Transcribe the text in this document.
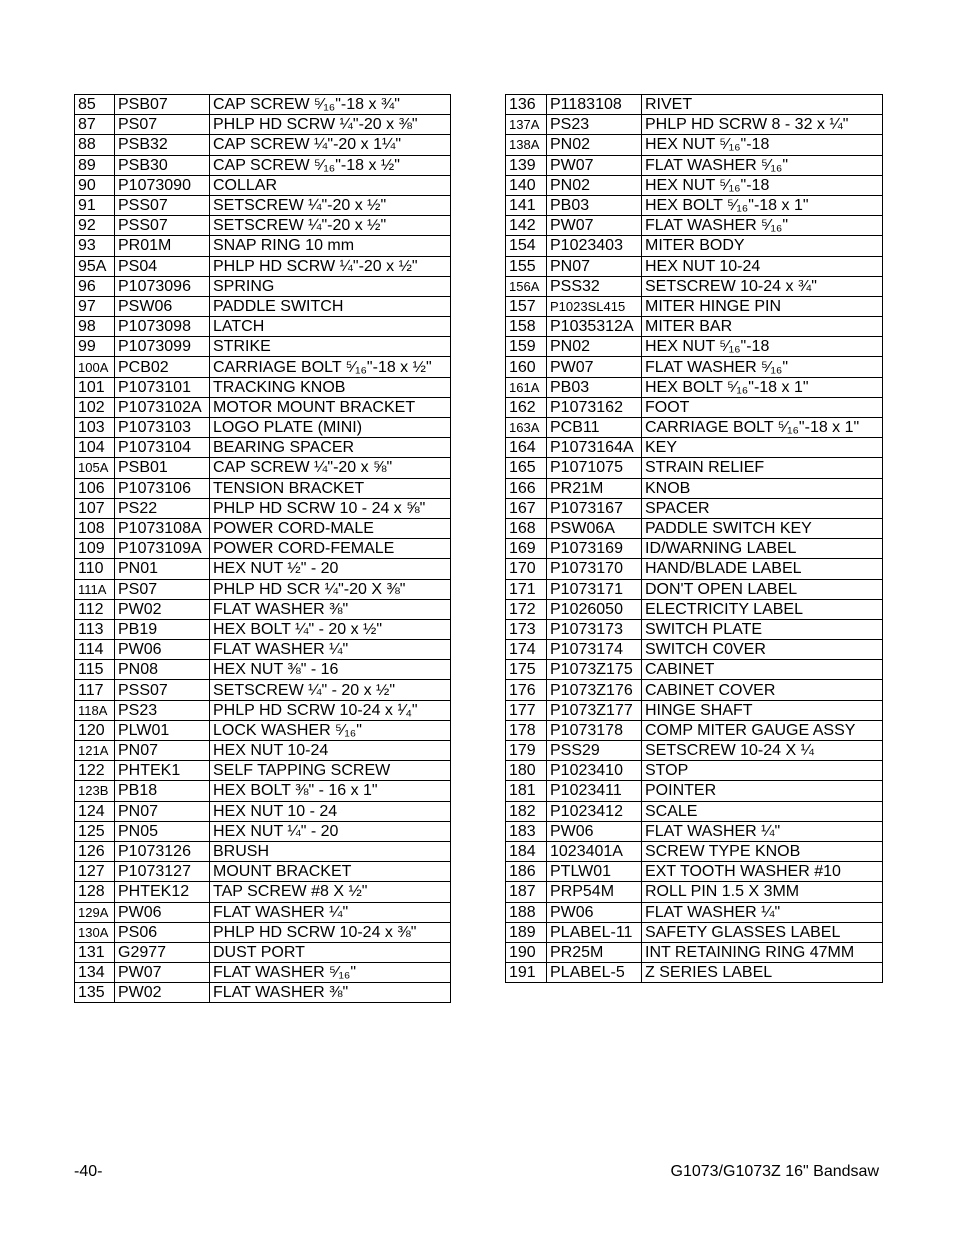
85	PSB07	CAP SCREW ⁵⁄₁₆"-18 x ¾"
87	PS07	PHLP HD SCRW ¼"-20 x ⅜"
88	PSB32	CAP SCREW ¼"-20 x 1¼"
89	PSB30	CAP SCREW ⁵⁄₁₆"-18 x ½"
90	P1073090	COLLAR
91	PSS07	SETSCREW ¼"-20 x ½"
92	PSS07	SETSCREW ¼"-20 x ½"
93	PR01M	SNAP RING 10 mm
95A	PS04	PHLP HD SCRW ¼"-20 x ½"
96	P1073096	SPRING
97	PSW06	PADDLE SWITCH
98	P1073098	LATCH
99	P1073099	STRIKE
100A	PCB02	CARRIAGE BOLT ⁵⁄₁₆"-18 x ½"
101	P1073101	TRACKING KNOB
102	P1073102A	MOTOR MOUNT BRACKET
103	P1073103	LOGO PLATE (MINI)
104	P1073104	BEARING SPACER
105A	PSB01	CAP SCREW ¼"-20 x ⅝"
106	P1073106	TENSION BRACKET
107	PS22	PHLP HD SCRW 10 - 24 x ⅝"
108	P1073108A	POWER CORD-MALE
109	P1073109A	POWER CORD-FEMALE
110	PN01	HEX NUT ½" - 20
111A	PS07	PHLP HD SCR ¼"-20 X ⅜"
112	PW02	FLAT WASHER ⅜"
113	PB19	HEX BOLT ¼" - 20 x ½"
114	PW06	FLAT WASHER ¼"
115	PN08	HEX NUT ⅜" - 16
117	PSS07	SETSCREW ¼" - 20 x ½"
118A	PS23	PHLP HD SCRW 10-24 x ¹⁄₄"
120	PLW01	LOCK WASHER ⁵⁄₁₆"
121A	PN07	HEX NUT 10-24
122	PHTEK1	SELF TAPPING SCREW
123B	PB18	HEX BOLT ⅜" - 16 x 1"
124	PN07	HEX NUT 10 - 24
125	PN05	HEX NUT ¼" - 20
126	P1073126	BRUSH
127	P1073127	MOUNT BRACKET
128	PHTEK12	TAP SCREW #8 X ½"
129A	PW06	FLAT WASHER ¼"
130A	PS06	PHLP HD SCRW 10-24 x ⅜"
131	G2977	DUST PORT
134	PW07	FLAT WASHER ⁵⁄₁₆"
135	PW02	FLAT WASHER ⅜"
136	P1183108	RIVET
137A	PS23	PHLP HD SCRW 8 - 32 x ¼"
138A	PN02	HEX NUT ⁵⁄₁₆"-18
139	PW07	FLAT WASHER ⁵⁄₁₆"
140	PN02	HEX NUT ⁵⁄₁₆"-18
141	PB03	HEX BOLT ⁵⁄₁₆"-18 x 1"
142	PW07	FLAT WASHER ⁵⁄₁₆"
154	P1023403	MITER BODY
155	PN07	HEX NUT 10-24
156A	PSS32	SETSCREW 10-24 x ¾"
157	P1023SL415	MITER HINGE PIN
158	P1035312A	MITER BAR
159	PN02	HEX NUT ⁵⁄₁₆"-18
160	PW07	FLAT WASHER ⁵⁄₁₆"
161A	PB03	HEX BOLT ⁵⁄₁₆"-18 x 1"
162	P1073162	FOOT
163A	PCB11	CARRIAGE BOLT ⁵⁄₁₆"-18 x 1"
164	P1073164A	KEY
165	P1071075	STRAIN RELIEF
166	PR21M	KNOB
167	P1073167	SPACER
168	PSW06A	PADDLE SWITCH KEY
169	P1073169	ID/WARNING LABEL
170	P1073170	HAND/BLADE LABEL
171	P1073171	DON'T OPEN LABEL
172	P1026050	ELECTRICITY LABEL
173	P1073173	SWITCH PLATE
174	P1073174	SWITCH C0VER
175	P1073Z175	CABINET
176	P1073Z176	CABINET COVER
177	P1073Z177	HINGE SHAFT
178	P1073178	COMP MITER GAUGE ASSY
179	PSS29	SETSCREW 10-24 X ¼
180	P1023410	STOP
181	P1023411	POINTER
182	P1023412	SCALE
183	PW06	FLAT WASHER ¼"
184	1023401A	SCREW TYPE KNOB
186	PTLW01	EXT TOOTH WASHER #10
187	PRP54M	ROLL PIN 1.5 X 3MM
188	PW06	FLAT WASHER ¼"
189	PLABEL-11	SAFETY GLASSES LABEL
190	PR25M	INT RETAINING RING 47MM
191	PLABEL-5	Z SERIES LABEL
-40-	G1073/G1073Z 16" Bandsaw
